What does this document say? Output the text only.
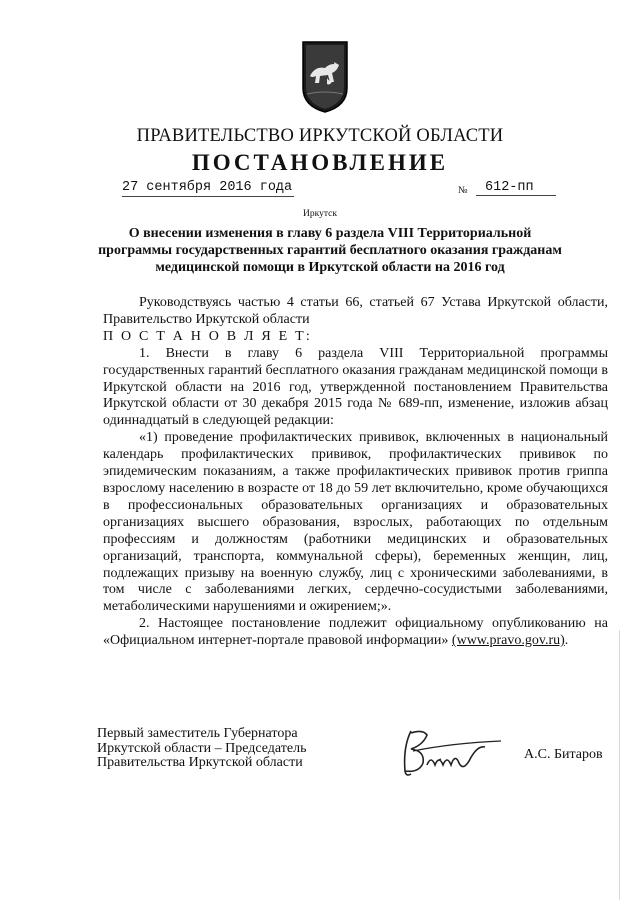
ПРАВИТЕЛЬСТВО ИРКУТСКОЙ ОБЛАСТИ
ПОСТАНОВЛЕНИЕ
27 сентября 2016 года	№	612-пп
Иркутск
О внесении изменения в главу 6 раздела VIII Территориальной программы государственных гарантий бесплатного оказания гражданам медицинской помощи в Иркутской области на 2016 год

Руководствуясь частью 4 статьи 66, статьей 67 Устава Иркутской области, Правительство Иркутской области

П О С Т А Н О В Л Я Е Т:

1. Внести в главу 6 раздела VIII Территориальной программы государственных гарантий бесплатного оказания гражданам медицинской помощи в Иркутской области на 2016 год, утвержденной постановлением Правительства Иркутской области от 30 декабря 2015 года № 689-пп, изменение, изложив абзац одиннадцатый в следующей редакции:

«1) проведение профилактических прививок, включенных в национальный календарь профилактических прививок, профилактических прививок по эпидемическим показаниям, а также профилактических прививок против гриппа взрослому населению в возрасте от 18 до 59 лет включительно, кроме обучающихся в профессиональных образовательных организациях и образовательных организациях высшего образования, взрослых, работающих по отдельным профессиям и должностям (работники медицинских и образовательных организаций, транспорта, коммунальной сферы), беременных женщин, лиц, подлежащих призыву на военную службу, лиц с хроническими заболеваниями, в том числе с заболеваниями легких, сердечно-сосудистыми заболеваниями, метаболическими нарушениями и ожирением;».

2. Настоящее постановление подлежит официальному опубликованию на «Официальном интернет-портале правовой информации» (www.pravo.gov.ru).

Первый заместитель Губернатора
Иркутской области – Председатель
Правительства Иркутской области
А.С. Битаров
